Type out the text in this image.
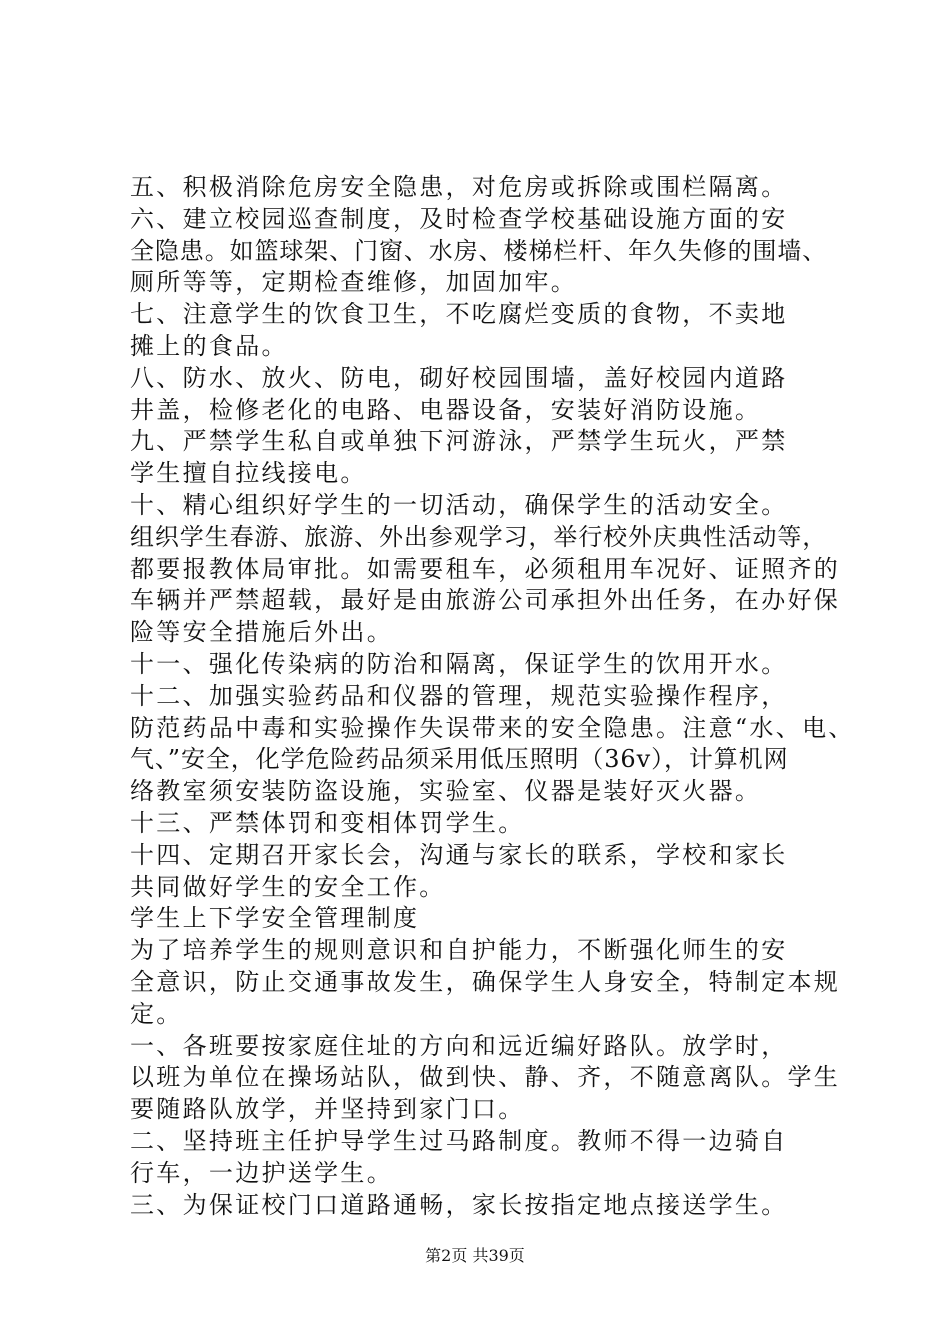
五、积极消除危房安全隐患，对危房或拆除或围栏隔离。
六、建立校园巡查制度，及时检查学校基础设施方面的安
全隐患。如篮球架、门窗、水房、楼梯栏杆、年久失修的围墙、
厕所等等，定期检查维修，加固加牢。
七、注意学生的饮食卫生，不吃腐烂变质的食物，不卖地
摊上的食品。
八、防水、放火、防电，砌好校园围墙，盖好校园内道路
井盖，检修老化的电路、电器设备，安装好消防设施。
九、严禁学生私自或单独下河游泳，严禁学生玩火，严禁
学生擅自拉线接电。
十、精心组织好学生的一切活动，确保学生的活动安全。
组织学生春游、旅游、外出参观学习，举行校外庆典性活动等，
都要报教体局审批。如需要租车，必须租用车况好、证照齐的
车辆并严禁超载，最好是由旅游公司承担外出任务，在办好保
险等安全措施后外出。
十一、强化传染病的防治和隔离，保证学生的饮用开水。
十二、加强实验药品和仪器的管理，规范实验操作程序，
防范药品中毒和实验操作失误带来的安全隐患。注意“水、电、
气、”安全，化学危险药品须采用低压照明（36v），计算机网
络教室须安装防盗设施，实验室、仪器是装好灭火器。
十三、严禁体罚和变相体罚学生。
十四、定期召开家长会，沟通与家长的联系，学校和家长
共同做好学生的安全工作。
学生上下学安全管理制度
为了培养学生的规则意识和自护能力，不断强化师生的安
全意识，防止交通事故发生，确保学生人身安全，特制定本规
定。
一、各班要按家庭住址的方向和远近编好路队。放学时，
以班为单位在操场站队，做到快、静、齐，不随意离队。学生
要随路队放学，并坚持到家门口。
二、坚持班主任护导学生过马路制度。教师不得一边骑自
行车，一边护送学生。
三、为保证校门口道路通畅，家长按指定地点接送学生。
第2页 共39页
